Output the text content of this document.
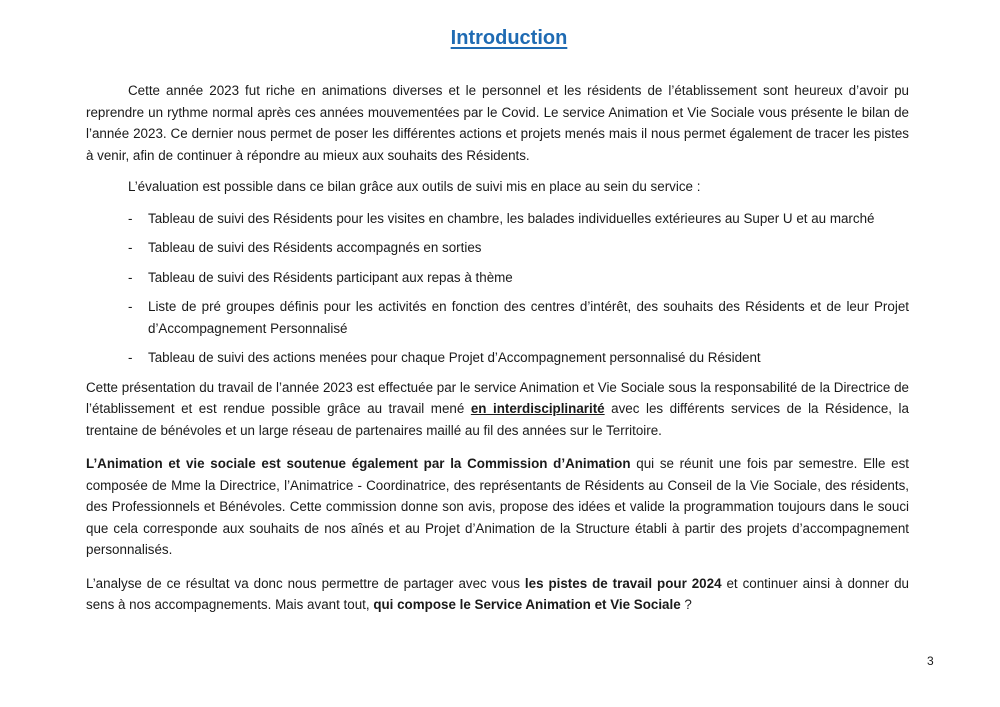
Introduction

Cette année 2023 fut riche en animations diverses et le personnel et les résidents de l’établissement sont heureux d’avoir pu reprendre un rythme normal après ces années mouvementées par le Covid. Le service Animation et Vie Sociale vous présente le bilan de l’année 2023. Ce dernier nous permet de poser les différentes actions et projets menés mais il nous permet également de tracer les pistes à venir, afin de continuer à répondre au mieux aux souhaits des Résidents.

L’évaluation est possible dans ce bilan grâce aux outils de suivi mis en place au sein du service :

- Tableau de suivi des Résidents pour les visites en chambre, les balades individuelles extérieures au Super U et au marché
- Tableau de suivi des Résidents accompagnés en sorties
- Tableau de suivi des Résidents participant aux repas à thème
- Liste de pré groupes définis pour les activités en fonction des centres d’intérêt, des souhaits des Résidents et de leur Projet d’Accompagnement Personnalisé
- Tableau de suivi des actions menées pour chaque Projet d’Accompagnement personnalisé du Résident

Cette présentation du travail de l’année 2023 est effectuée par le service Animation et Vie Sociale sous la responsabilité de la Directrice de l’établissement et est rendue possible grâce au travail mené en interdisciplinarité avec les différents services de la Résidence, la trentaine de bénévoles et un large réseau de partenaires maillé au fil des années sur le Territoire.

L’Animation et vie sociale est soutenue également par la Commission d’Animation qui se réunit une fois par semestre. Elle est composée de Mme la Directrice, l’Animatrice - Coordinatrice, des représentants de Résidents au Conseil de la Vie Sociale, des résidents, des Professionnels et Bénévoles. Cette commission donne son avis, propose des idées et valide la programmation toujours dans le souci que cela corresponde aux souhaits de nos aînés et au Projet d’Animation de la Structure établi à partir des projets d’accompagnement personnalisés.

L’analyse de ce résultat va donc nous permettre de partager avec vous les pistes de travail pour 2024 et continuer ainsi à donner du sens à nos accompagnements. Mais avant tout, qui compose le Service Animation et Vie Sociale ?

3
